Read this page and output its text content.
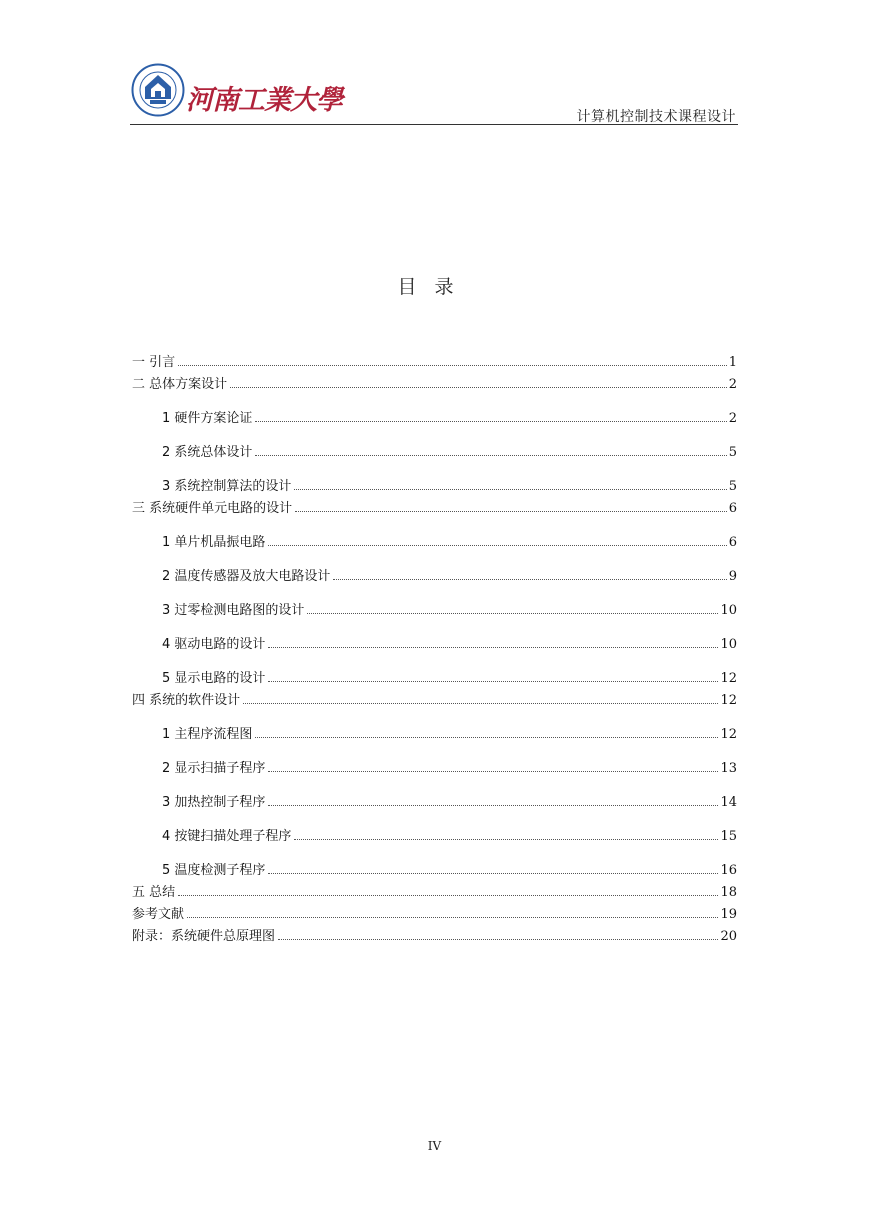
河南工業大學
计算机控制技术课程设计
目录
一 引言	1
二 总体方案设计	2
1 硬件方案论证	2
2 系统总体设计	5
3 系统控制算法的设计	5
三 系统硬件单元电路的设计	6
1 单片机晶振电路	6
2 温度传感器及放大电路设计	9
3 过零检测电路图的设计	10
4 驱动电路的设计	10
5 显示电路的设计	12
四 系统的软件设计	12
1 主程序流程图	12
2 显示扫描子程序	13
3 加热控制子程序	14
4 按键扫描处理子程序	15
5 温度检测子程序	16
五 总结	18
参考文献	19
附录：系统硬件总原理图	20
IV
